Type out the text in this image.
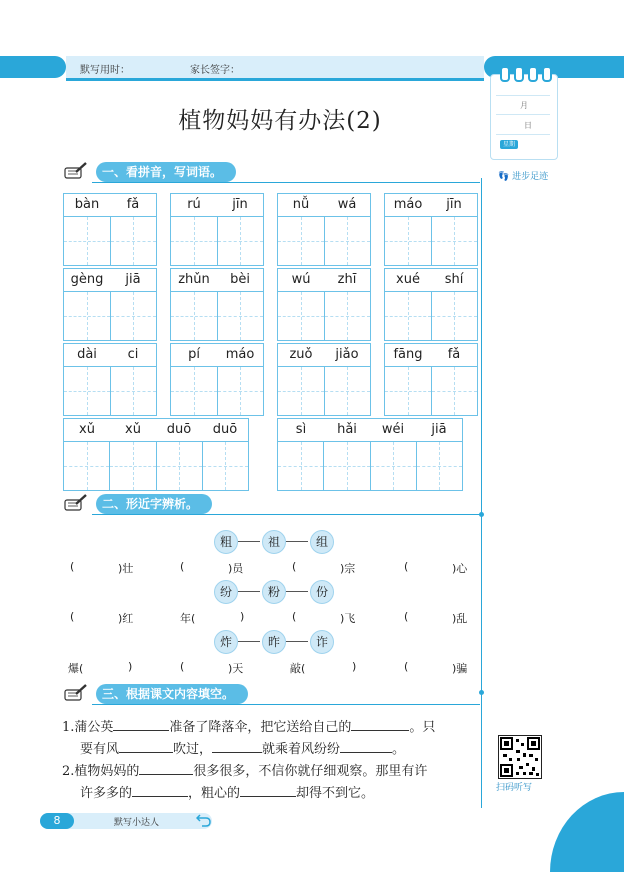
默写用时：	家长签字：
月
日
星期
👣 进步足迹
植物妈妈有办法(2)
一、看拼音，写词语。
bàn	fǎ	rú	jīn	nǚ	wá	máo	jīn
gèng	jiā	zhǔn	bèi	wú	zhī	xué	shí
dài	ci	pí	máo	zuǒ	jiǎo	fāng	fǎ
xǔ	xǔ	duō	duō	sì	hǎi	wéi	jiā
二、形近字辨析。
粗	祖	组
(	)壮	(	)员	(	)宗	(	)心
纷	粉	份
(	)红	年(	)	(	)飞	(	)乱
炸	昨	诈
爆(	)	(	)天	敲(	)	(	)骗
三、根据课文内容填空。
1.蒲公英	准备了降落伞，把它送给自己的	。只
要有风	吹过，	就乘着风纷纷	。
2.植物妈妈的	很多很多，不信你就仔细观察。那里有许
许多多的	，粗心的	却得不到它。	扫码听写
8	默写小达人
